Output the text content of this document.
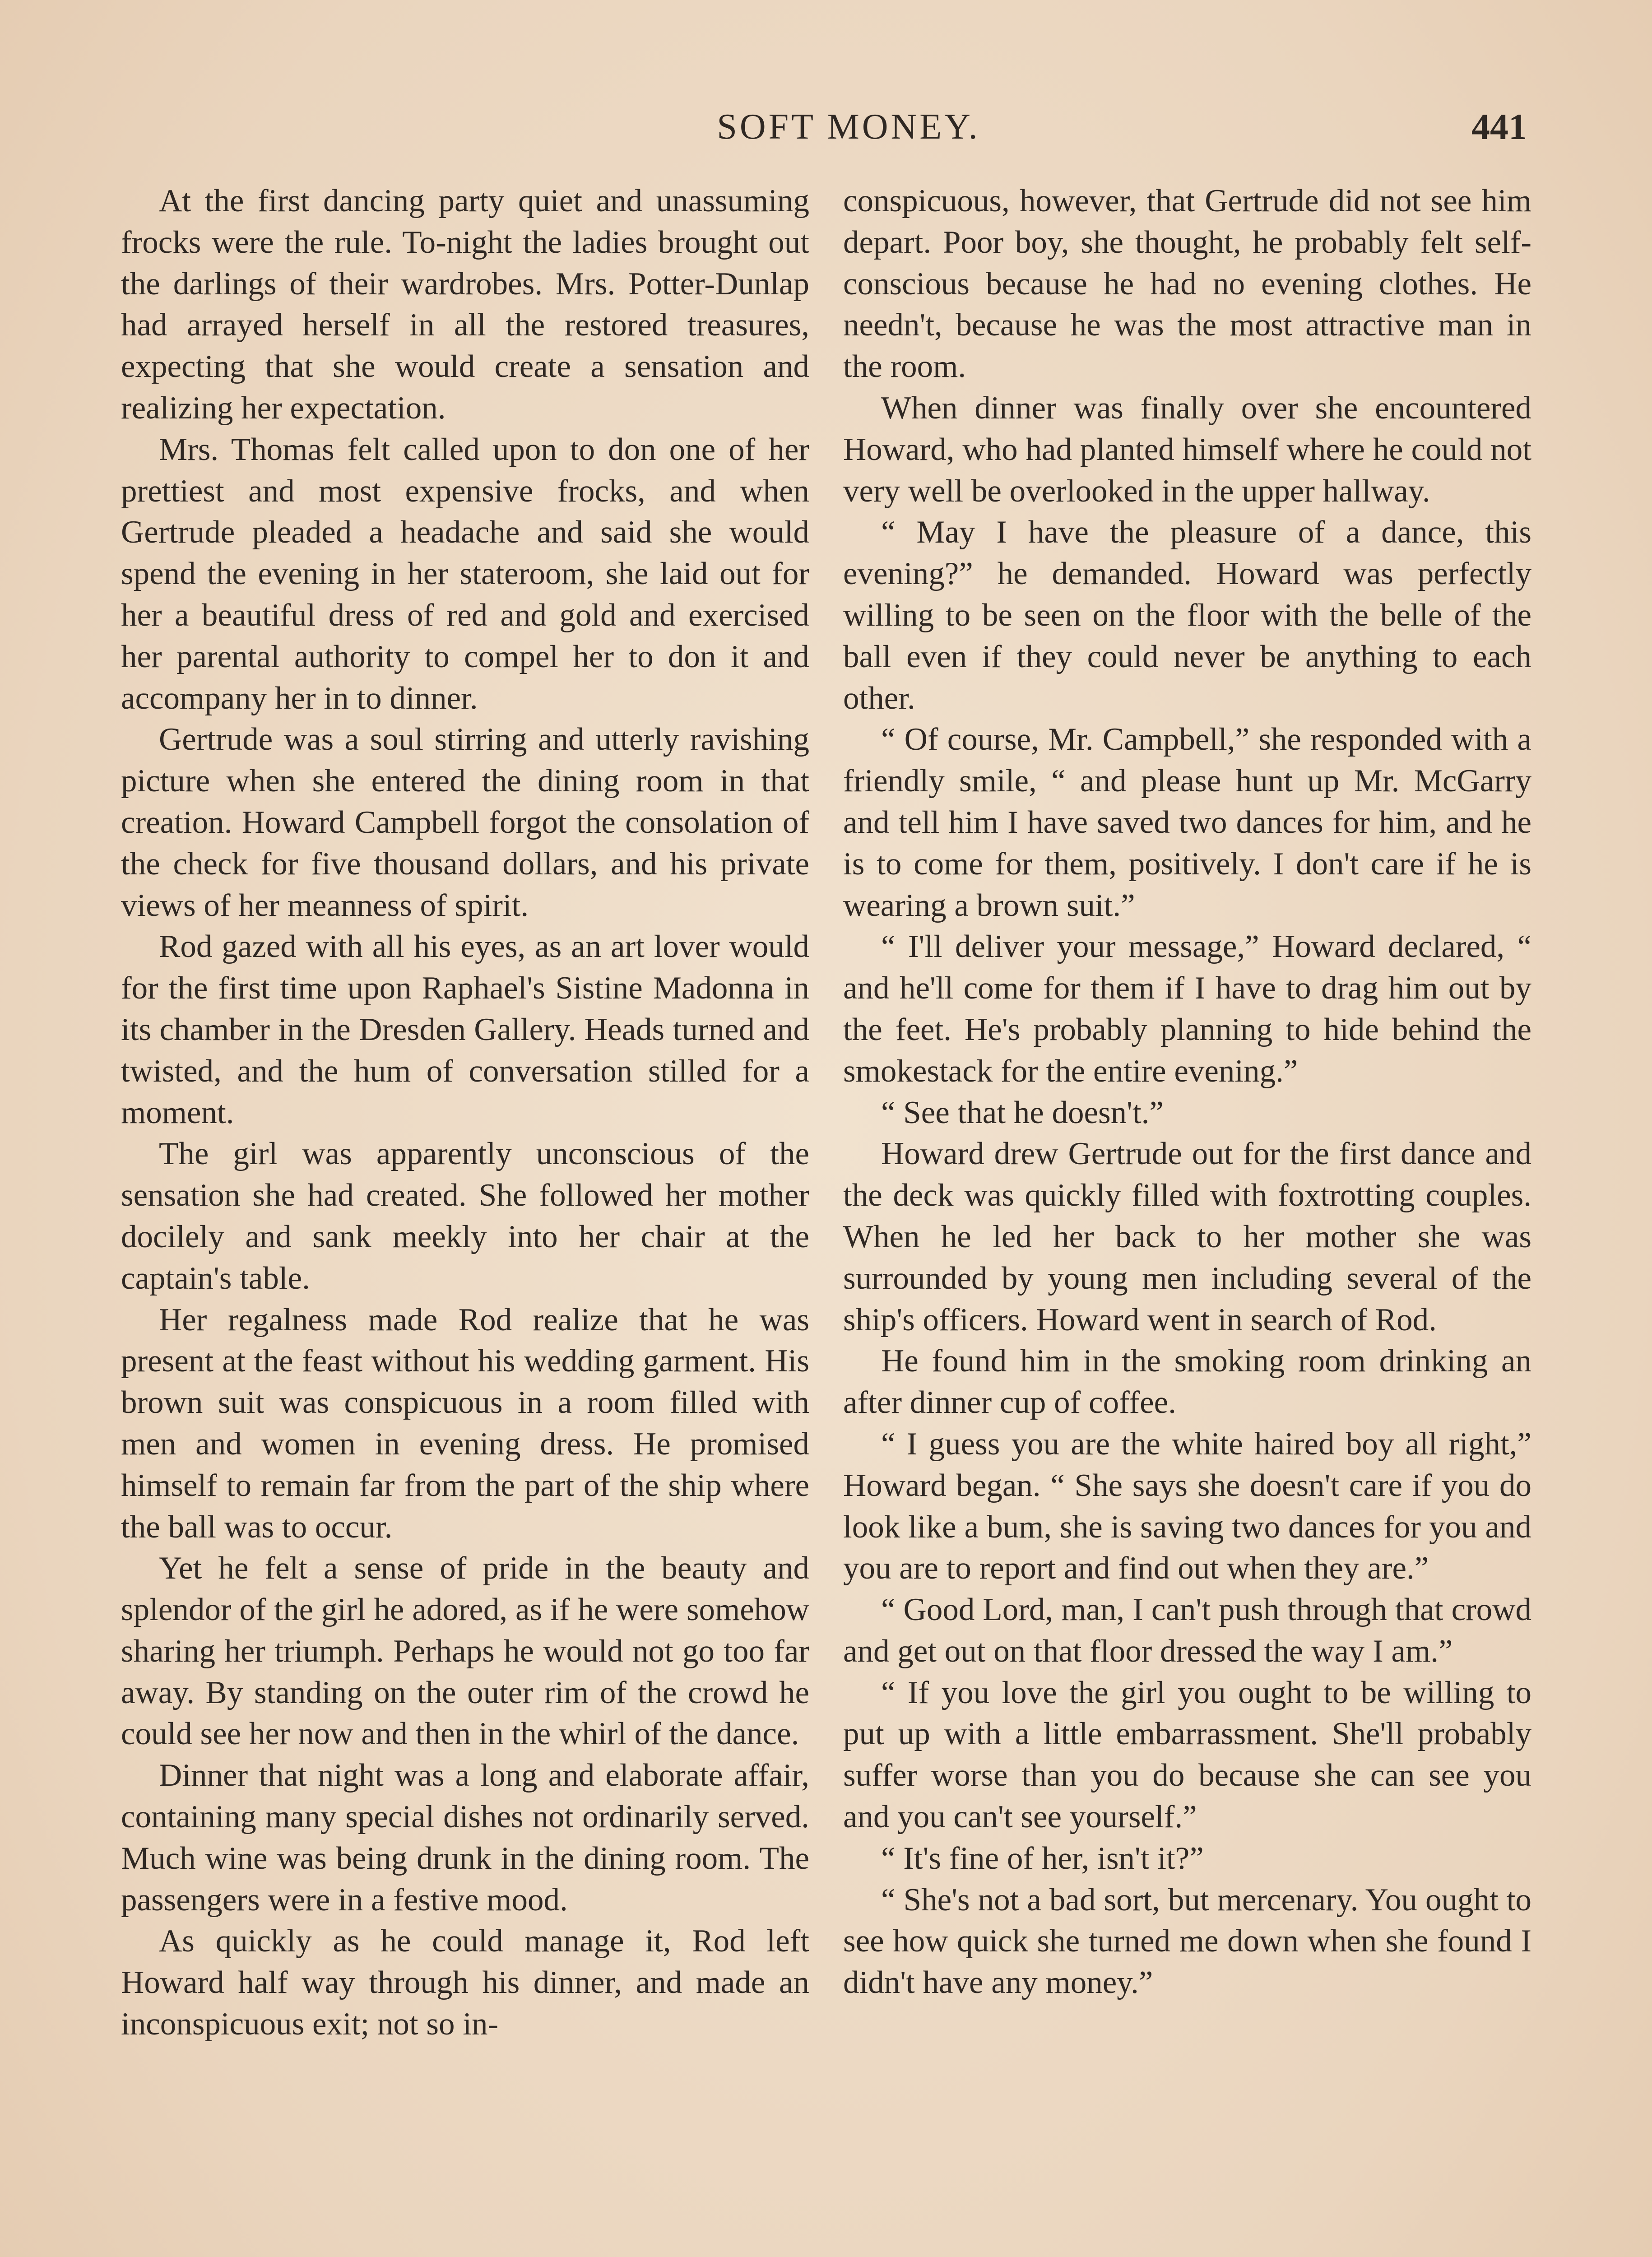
SOFT MONEY.	441

At the first dancing party quiet and unassuming frocks were the rule. To-night the ladies brought out the darlings of their wardrobes. Mrs. Potter-Dunlap had arrayed herself in all the restored treasures, expecting that she would create a sensation and realizing her expectation.

Mrs. Thomas felt called upon to don one of her prettiest and most expensive frocks, and when Gertrude pleaded a headache and said she would spend the evening in her stateroom, she laid out for her a beautiful dress of red and gold and exercised her parental authority to compel her to don it and accompany her in to dinner.

Gertrude was a soul stirring and utterly ravishing picture when she entered the dining room in that creation. Howard Campbell forgot the consolation of the check for five thousand dollars, and his private views of her meanness of spirit.

Rod gazed with all his eyes, as an art lover would for the first time upon Raphael's Sistine Madonna in its chamber in the Dresden Gallery. Heads turned and twisted, and the hum of conversation stilled for a moment.

The girl was apparently unconscious of the sensation she had created. She followed her mother docilely and sank meekly into her chair at the captain's table.

Her regalness made Rod realize that he was present at the feast without his wedding garment. His brown suit was conspicuous in a room filled with men and women in evening dress. He promised himself to remain far from the part of the ship where the ball was to occur.

Yet he felt a sense of pride in the beauty and splendor of the girl he adored, as if he were somehow sharing her triumph. Perhaps he would not go too far away. By standing on the outer rim of the crowd he could see her now and then in the whirl of the dance.

Dinner that night was a long and elaborate affair, containing many special dishes not ordinarily served. Much wine was being drunk in the dining room. The passengers were in a festive mood.

As quickly as he could manage it, Rod left Howard half way through his dinner, and made an inconspicuous exit; not so in-

conspicuous, however, that Gertrude did not see him depart. Poor boy, she thought, he probably felt self-conscious because he had no evening clothes. He needn't, because he was the most attractive man in the room.

When dinner was finally over she encountered Howard, who had planted himself where he could not very well be overlooked in the upper hallway.

“ May I have the pleasure of a dance, this evening?” he demanded. Howard was perfectly willing to be seen on the floor with the belle of the ball even if they could never be anything to each other.

“ Of course, Mr. Campbell,” she responded with a friendly smile, “ and please hunt up Mr. McGarry and tell him I have saved two dances for him, and he is to come for them, positively. I don't care if he is wearing a brown suit.”

“ I'll deliver your message,” Howard declared, “ and he'll come for them if I have to drag him out by the feet. He's probably planning to hide behind the smokestack for the entire evening.”

“ See that he doesn't.”

Howard drew Gertrude out for the first dance and the deck was quickly filled with foxtrotting couples. When he led her back to her mother she was surrounded by young men including several of the ship's officers. Howard went in search of Rod.

He found him in the smoking room drinking an after dinner cup of coffee.

“ I guess you are the white haired boy all right,” Howard began. “ She says she doesn't care if you do look like a bum, she is saving two dances for you and you are to report and find out when they are.”

“ Good Lord, man, I can't push through that crowd and get out on that floor dressed the way I am.”

“ If you love the girl you ought to be willing to put up with a little embarrassment. She'll probably suffer worse than you do because she can see you and you can't see yourself.”

“ It's fine of her, isn't it?”

“ She's not a bad sort, but mercenary. You ought to see how quick she turned me down when she found I didn't have any money.”
